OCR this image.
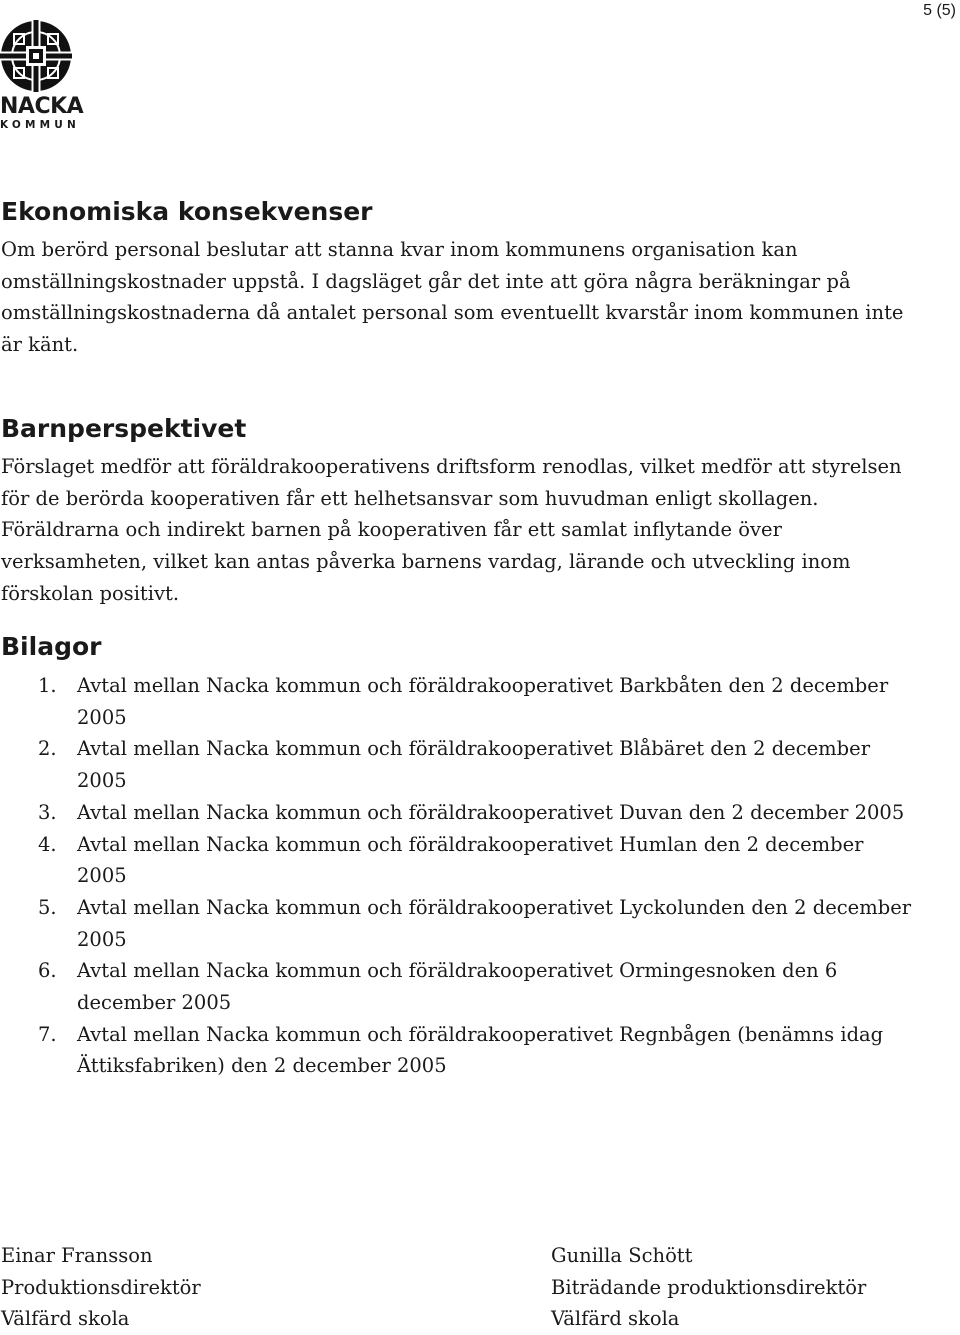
5 (5)
NACKA
KOMMUN
Ekonomiska konsekvenser

Om berörd personal beslutar att stanna kvar inom kommunens organisation kan omställningskostnader uppstå. I dagsläget går det inte att göra några beräkningar på omställningskostnaderna då antalet personal som eventuellt kvarstår inom kommunen inte är känt.

Barnperspektivet

Förslaget medför att föräldrakooperativens driftsform renodlas, vilket medför att styrelsen för de berörda kooperativen får ett helhetsansvar som huvudman enligt skollagen. Föräldrarna och indirekt barnen på kooperativen får ett samlat inflytande över verksamheten, vilket kan antas påverka barnens vardag, lärande och utveckling inom förskolan positivt.

Bilagor
1. Avtal mellan Nacka kommun och föräldrakooperativet Barkbåten den 2 december 2005
2. Avtal mellan Nacka kommun och föräldrakooperativet Blåbäret den 2 december 2005
3. Avtal mellan Nacka kommun och föräldrakooperativet Duvan den 2 december 2005
4. Avtal mellan Nacka kommun och föräldrakooperativet Humlan den 2 december 2005
5. Avtal mellan Nacka kommun och föräldrakooperativet Lyckolunden den 2 december 2005
6. Avtal mellan Nacka kommun och föräldrakooperativet Ormingesnoken den 6 december 2005
7. Avtal mellan Nacka kommun och föräldrakooperativet Regnbågen (benämns idag Ättiksfabriken) den 2 december 2005
Einar Fransson
Produktionsdirektör
Välfärd skola
Gunilla Schött
Biträdande produktionsdirektör
Välfärd skola
